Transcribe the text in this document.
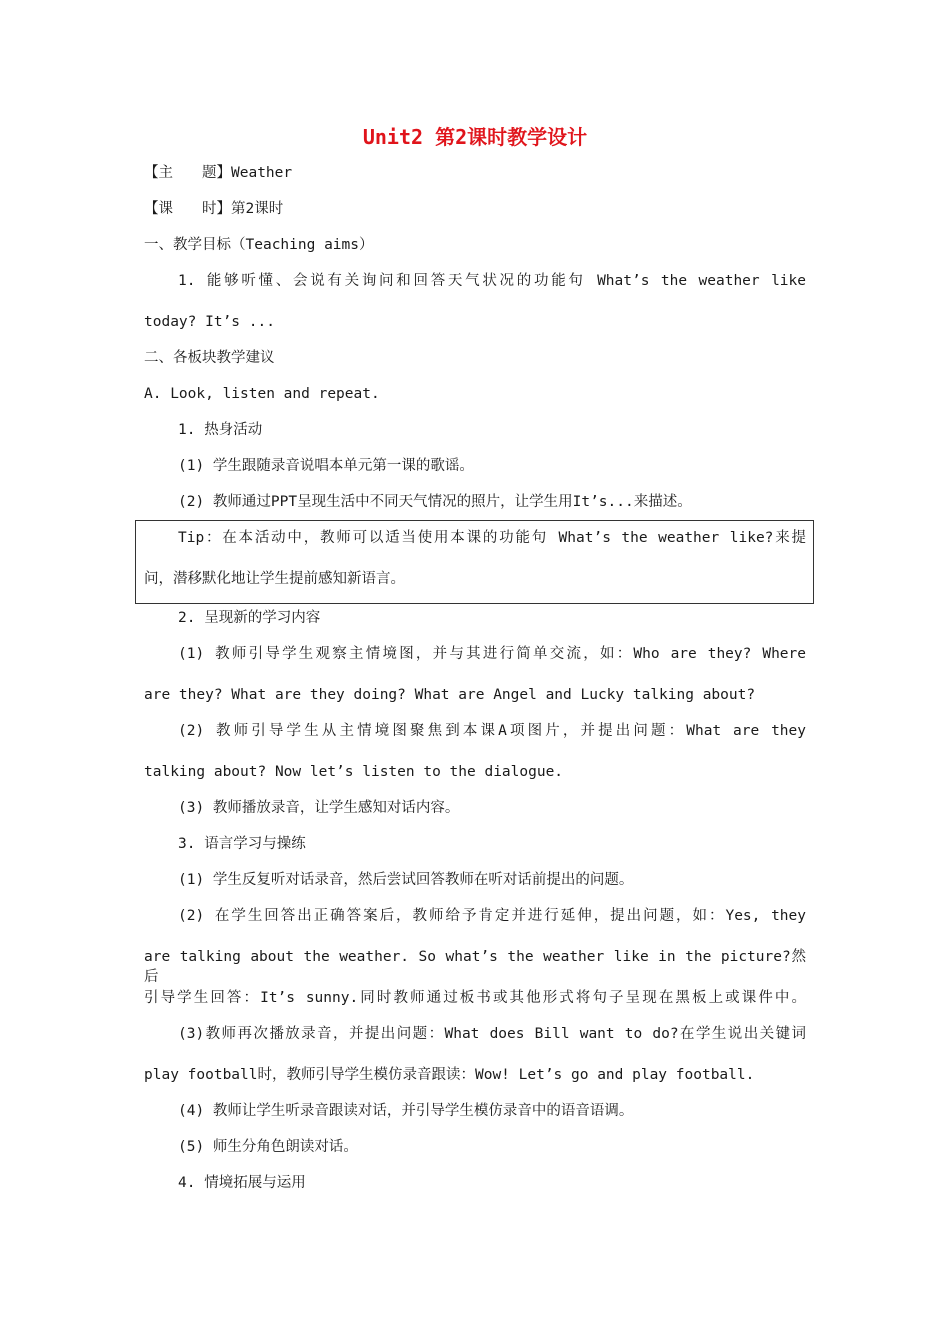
Unit2 第2课时教学设计

【主　　题】Weather

【课　　时】第2课时

一、教学目标（Teaching aims）

1. 能够听懂、会说有关询问和回答天气状况的功能句 What’s the weather like

today? It’s ...

二、各板块教学建议

A. Look, listen and repeat.

1. 热身活动

(1) 学生跟随录音说唱本单元第一课的歌谣。

(2) 教师通过PPT呈现生活中不同天气情况的照片，让学生用It’s...来描述。

Tip：在本活动中，教师可以适当使用本课的功能句 What’s the weather like?来提

问，潜移默化地让学生提前感知新语言。

2. 呈现新的学习内容

(1) 教师引导学生观察主情境图，并与其进行简单交流，如：Who are they? Where

are they? What are they doing? What are Angel and Lucky talking about?

(2) 教师引导学生从主情境图聚焦到本课A项图片，并提出问题：What are they

talking about? Now let’s listen to the dialogue.

(3) 教师播放录音，让学生感知对话内容。

3. 语言学习与操练

(1) 学生反复听对话录音，然后尝试回答教师在听对话前提出的问题。

(2) 在学生回答出正确答案后，教师给予肯定并进行延伸，提出问题，如：Yes, they

are talking about the weather. So what’s the weather like in the picture?然后

引导学生回答：It’s sunny.同时教师通过板书或其他形式将句子呈现在黑板上或课件中。

(3)教师再次播放录音，并提出问题：What does Bill want to do?在学生说出关键词

play football时，教师引导学生模仿录音跟读：Wow! Let’s go and play football.

(4) 教师让学生听录音跟读对话，并引导学生模仿录音中的语音语调。

(5) 师生分角色朗读对话。

4. 情境拓展与运用
